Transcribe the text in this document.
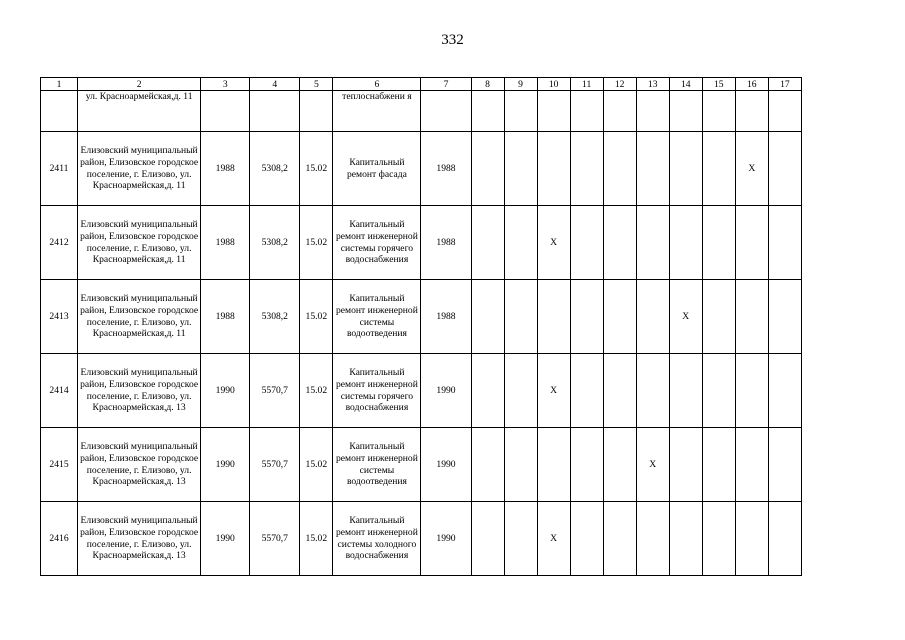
332
1	2	3	4	5	6	7	8	9	10	11	12	13	14	15	16	17
	ул. Красноармейская,д. 11				теплоснабжени я											
2411	Елизовский муниципальный район, Елизовское городское поселение, г. Елизово, ул. Красноармейская,д. 11	1988	5308,2	15.02	Капитальный ремонт фасада	1988									X	
2412	Елизовский муниципальный район, Елизовское городское поселение, г. Елизово, ул. Красноармейская,д. 11	1988	5308,2	15.02	Капитальный ремонт инженерной системы горячего водоснабжения	1988			X							
2413	Елизовский муниципальный район, Елизовское городское поселение, г. Елизово, ул. Красноармейская,д. 11	1988	5308,2	15.02	Капитальный ремонт инженерной системы водоотведения	1988							X			
2414	Елизовский муниципальный район, Елизовское городское поселение, г. Елизово, ул. Красноармейская,д. 13	1990	5570,7	15.02	Капитальный ремонт инженерной системы горячего водоснабжения	1990			X							
2415	Елизовский муниципальный район, Елизовское городское поселение, г. Елизово, ул. Красноармейская,д. 13	1990	5570,7	15.02	Капитальный ремонт инженерной системы водоотведения	1990						X				
2416	Елизовский муниципальный район, Елизовское городское поселение, г. Елизово, ул. Красноармейская,д. 13	1990	5570,7	15.02	Капитальный ремонт инженерной системы холодного водоснабжения	1990			X							
